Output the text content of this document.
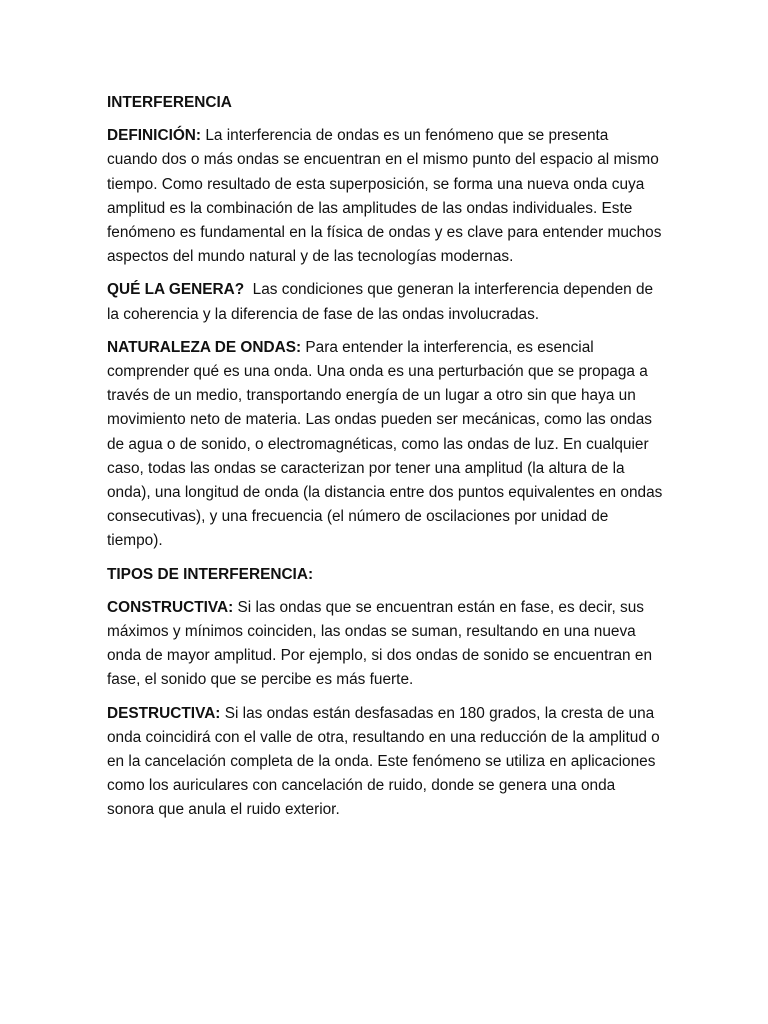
INTERFERENCIA

DEFINICIÓN: La interferencia de ondas es un fenómeno que se presenta cuando dos o más ondas se encuentran en el mismo punto del espacio al mismo tiempo. Como resultado de esta superposición, se forma una nueva onda cuya amplitud es la combinación de las amplitudes de las ondas individuales. Este fenómeno es fundamental en la física de ondas y es clave para entender muchos aspectos del mundo natural y de las tecnologías modernas.

QUÉ LA GENERA?  Las condiciones que generan la interferencia dependen de la coherencia y la diferencia de fase de las ondas involucradas.

NATURALEZA DE ONDAS: Para entender la interferencia, es esencial comprender qué es una onda. Una onda es una perturbación que se propaga a través de un medio, transportando energía de un lugar a otro sin que haya un movimiento neto de materia. Las ondas pueden ser mecánicas, como las ondas de agua o de sonido, o electromagnéticas, como las ondas de luz. En cualquier caso, todas las ondas se caracterizan por tener una amplitud (la altura de la onda), una longitud de onda (la distancia entre dos puntos equivalentes en ondas consecutivas), y una frecuencia (el número de oscilaciones por unidad de tiempo).

TIPOS DE INTERFERENCIA:

CONSTRUCTIVA: Si las ondas que se encuentran están en fase, es decir, sus máximos y mínimos coinciden, las ondas se suman, resultando en una nueva onda de mayor amplitud. Por ejemplo, si dos ondas de sonido se encuentran en fase, el sonido que se percibe es más fuerte.

DESTRUCTIVA: Si las ondas están desfasadas en 180 grados, la cresta de una onda coincidirá con el valle de otra, resultando en una reducción de la amplitud o en la cancelación completa de la onda. Este fenómeno se utiliza en aplicaciones como los auriculares con cancelación de ruido, donde se genera una onda sonora que anula el ruido exterior.
